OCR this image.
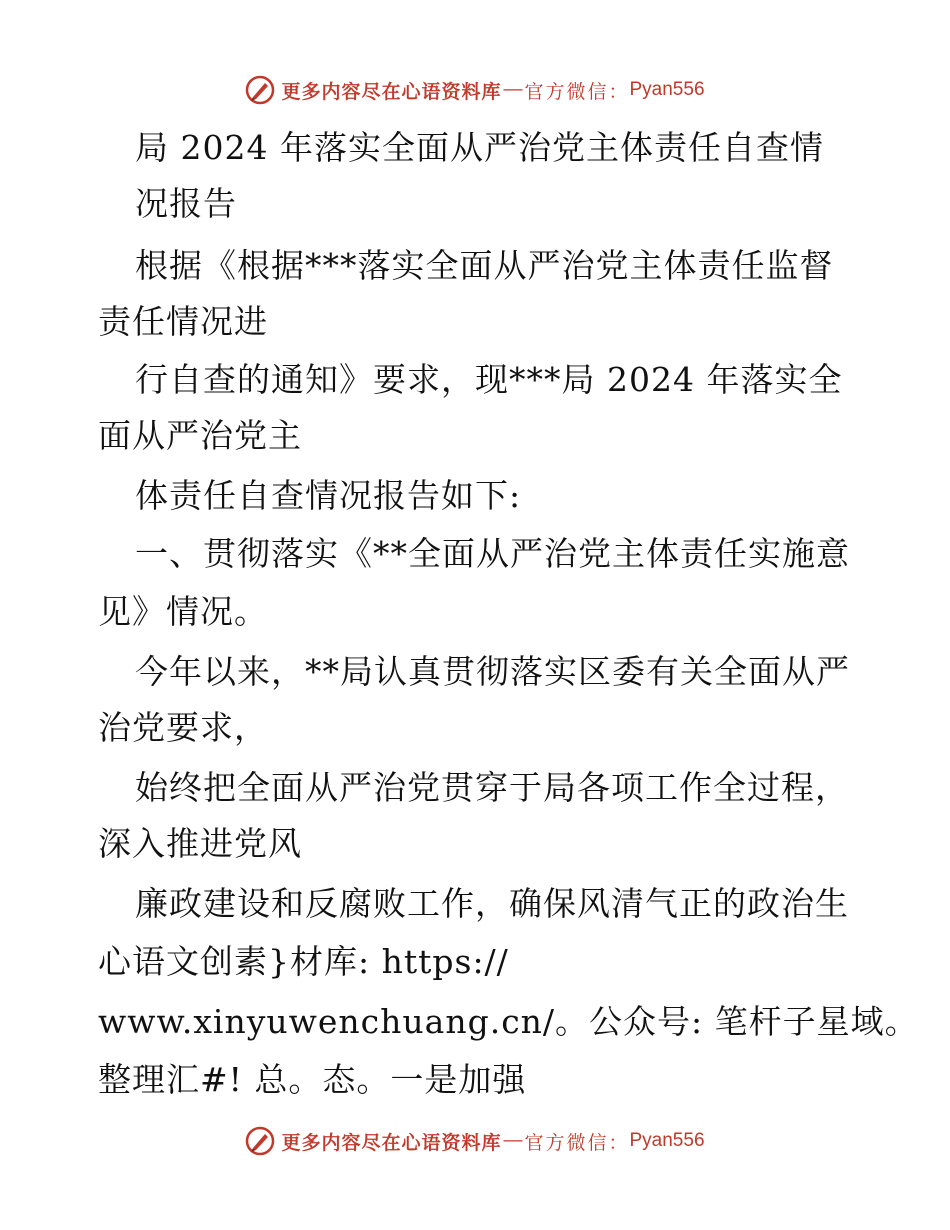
更多内容尽在心语资料库 — 官方微信： Pyan556
局 2024 年落实全面从严治党主体责任自查情
况报告
根据《根据***落实全面从严治党主体责任监督
责任情况进
行自查的通知》要求，现***局 2024 年落实全
面从严治党主
体责任自查情况报告如下:
一、贯彻落实《**全面从严治党主体责任实施意
见》情况。
今年以来，**局认真贯彻落实区委有关全面从严
治党要求，
始终把全面从严治党贯穿于局各项工作全过程，
深入推进党风
廉政建设和反腐败工作，确保风清气正的政治生
心语文创素}材库: https://
www.xinyuwenchuang.cn/。公众号: 笔杆子星域。
整理汇#! 总。态。一是加强
更多内容尽在心语资料库 — 官方微信： Pyan556
